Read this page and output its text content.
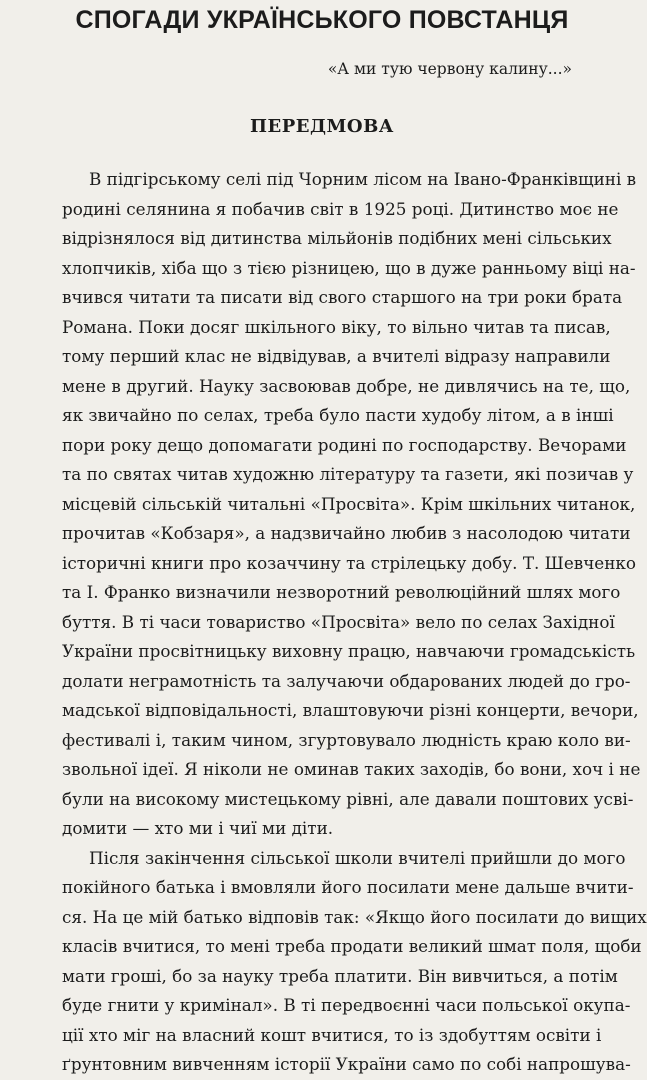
СПОГАДИ УКРАЇНСЬКОГО ПОВСТАНЦЯ
«А ми тую червону калину...»
ПЕРЕДМОВА
В підгірському селі під Чорним лісом на Івано-Франківщині в
родині селянина я побачив світ в 1925 році. Дитинство моє не
відрізнялося від дитинства мільйонів подібних мені сільських
хлопчиків, хіба що з тією різницею, що в дуже ранньому віці на-
вчився читати та писати від свого старшого на три роки брата
Романа. Поки досяг шкільного віку, то вільно читав та писав,
тому перший клас не відвідував, а вчителі відразу направили
мене в другий. Науку засвоював добре, не дивлячись на те, що,
як звичайно по селах, треба було пасти худобу літом, а в інші
пори року дещо допомагати родині по господарству. Вечорами
та по святах читав художню літературу та газети, які позичав у
місцевій сільській читальні «Просвіта». Крім шкільних читанок,
прочитав «Кобзаря», а надзвичайно любив з насолодою читати
історичні книги про козаччину та стрілецьку добу. Т. Шевченко
та І. Франко визначили незворотний революційний шлях мого
буття. В ті часи товариство «Просвіта» вело по селах Західної
України просвітницьку виховну працю, навчаючи громадськість
долати неграмотність та залучаючи обдарованих людей до гро-
мадської відповідальності, влаштовуючи різні концерти, вечори,
фестивалі і, таким чином, згуртовувало людність краю коло ви-
звольної ідеї. Я ніколи не оминав таких заходів, бо вони, хоч і не
були на високому мистецькому рівні, але давали поштових усві-
домити — хто ми і чиї ми діти.
Після закінчення сільської школи вчителі прийшли до мого
покійного батька і вмовляли його посилати мене дальше вчити-
ся. На це мій батько відповів так: «Якщо його посилати до вищих
класів вчитися, то мені треба продати великий шмат поля, щоби
мати гроші, бо за науку треба платити. Він вивчиться, а потім
буде гнити у кримінал». В ті передвоєнні часи польської окупа-
ції хто міг на власний кошт вчитися, то із здобуттям освіти і
ґрунтовним вивченням історії України само по собі напрошува-
